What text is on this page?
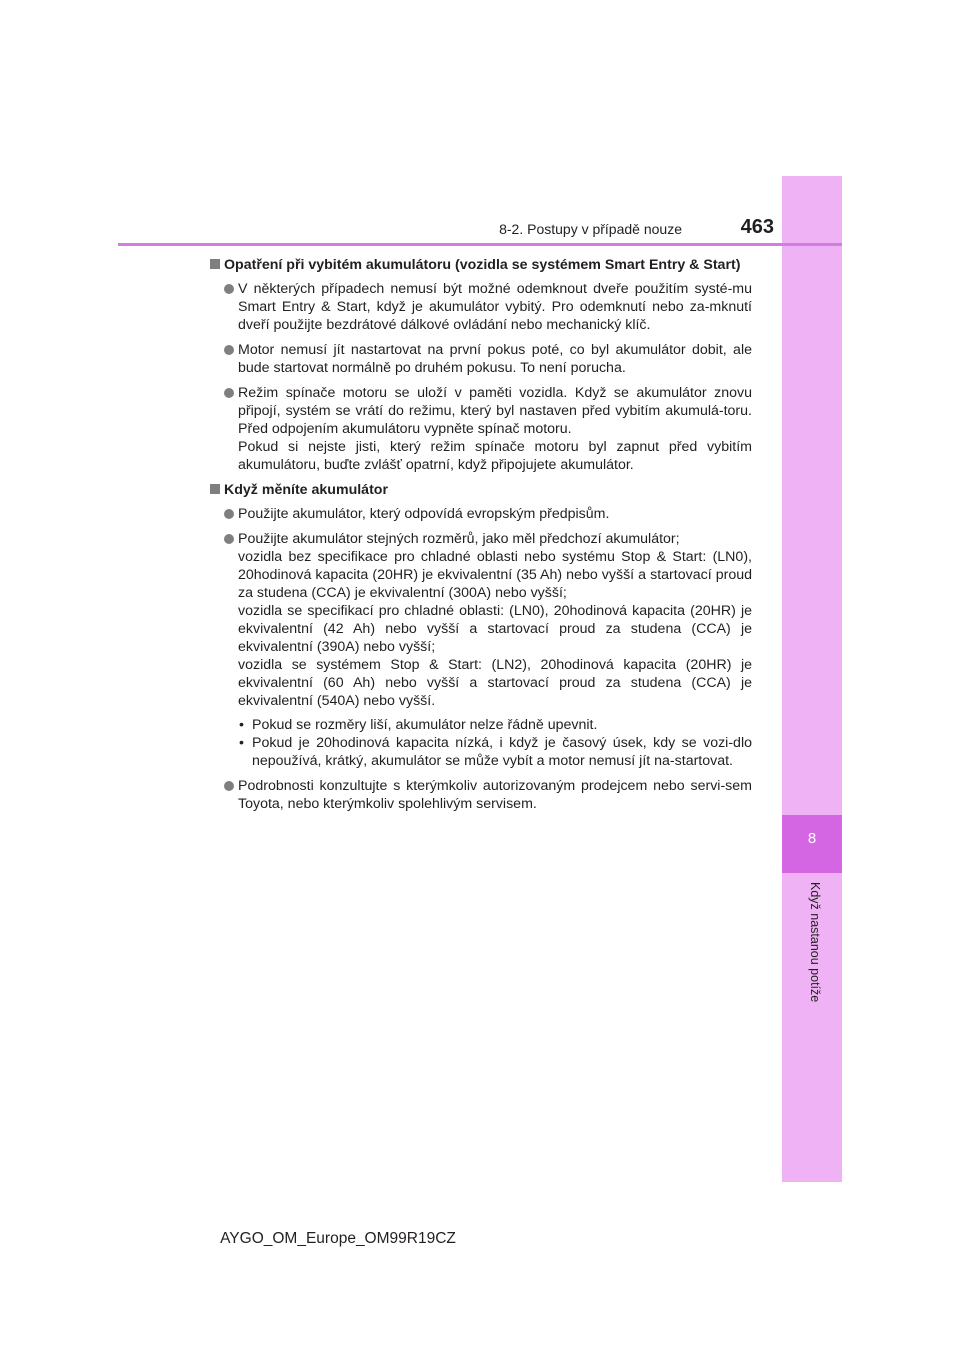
8
Když nastanou potíže
8-2. Postupy v případě nouze	463
Opatření při vybitém akumulátoru (vozidla se systémem Smart Entry & Start)

V některých případech nemusí být možné odemknout dveře použitím systé-mu Smart Entry & Start, když je akumulátor vybitý. Pro odemknutí nebo za-mknutí dveří použijte bezdrátové dálkové ovládání nebo mechanický klíč.

Motor nemusí jít nastartovat na první pokus poté, co byl akumulátor dobit, ale bude startovat normálně po druhém pokusu. To není porucha.

Režim spínače motoru se uloží v paměti vozidla. Když se akumulátor znovu připojí, systém se vrátí do režimu, který byl nastaven před vybitím akumulá-toru. Před odpojením akumulátoru vypněte spínač motoru.

Pokud si nejste jisti, který režim spínače motoru byl zapnut před vybitím akumulátoru, buďte zvlášť opatrní, když připojujete akumulátor.

Když měníte akumulátor

Použijte akumulátor, který odpovídá evropským předpisům.

Použijte akumulátor stejných rozměrů, jako měl předchozí akumulátor;

vozidla bez specifikace pro chladné oblasti nebo systému Stop & Start: (LN0), 20hodinová kapacita (20HR) je ekvivalentní (35 Ah) nebo vyšší a startovací proud za studena (CCA) je ekvivalentní (300A) nebo vyšší;

vozidla se specifikací pro chladné oblasti: (LN0), 20hodinová kapacita (20HR) je ekvivalentní (42 Ah) nebo vyšší a startovací proud za studena (CCA) je ekvivalentní (390A) nebo vyšší;

vozidla se systémem Stop & Start: (LN2), 20hodinová kapacita (20HR) je ekvivalentní (60 Ah) nebo vyšší a startovací proud za studena (CCA) je ekvivalentní (540A) nebo vyšší.

• Pokud se rozměry liší, akumulátor nelze řádně upevnit.
• Pokud je 20hodinová kapacita nízká, i když je časový úsek, kdy se vozi-dlo nepoužívá, krátký, akumulátor se může vybít a motor nemusí jít na-startovat.

Podrobnosti konzultujte s kterýmkoliv autorizovaným prodejcem nebo servi-sem Toyota, nebo kterýmkoliv spolehlivým servisem.

AYGO_OM_Europe_OM99R19CZ
